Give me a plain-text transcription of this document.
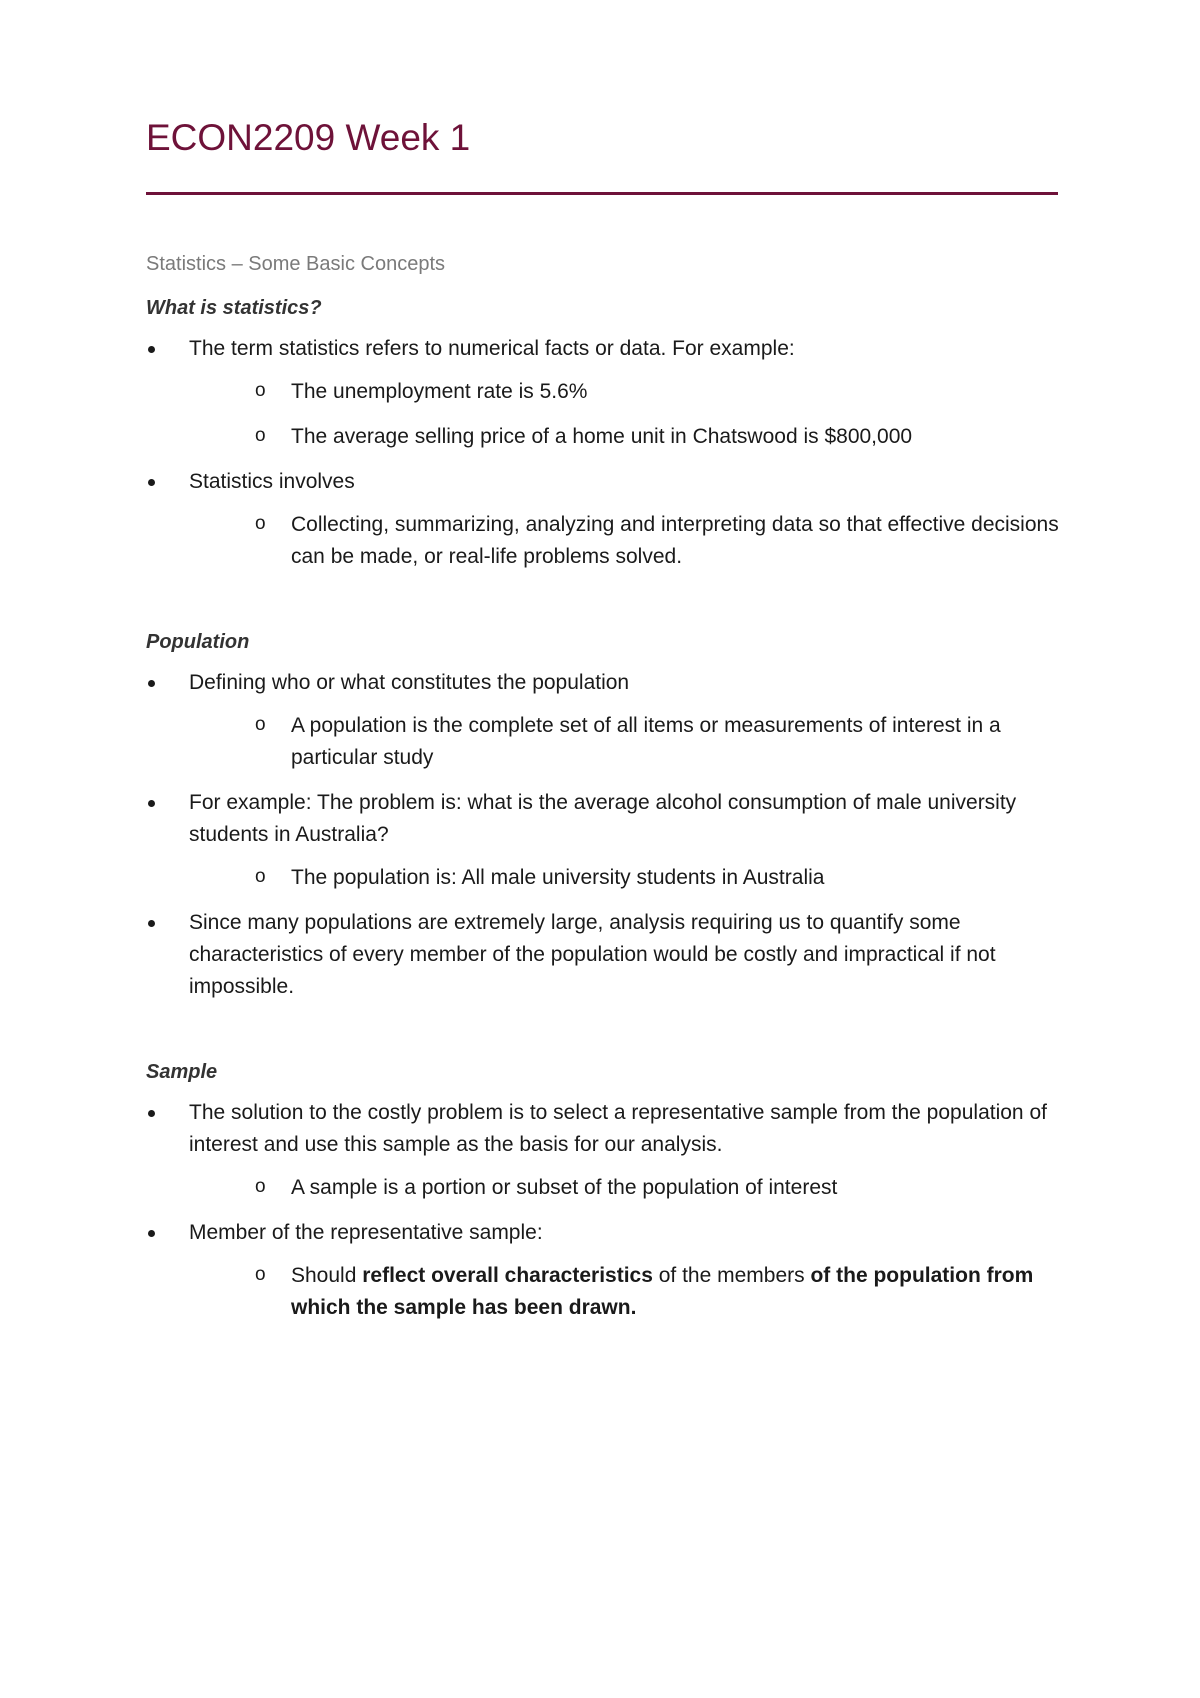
ECON2209 Week 1
Statistics – Some Basic Concepts
What is statistics?
The term statistics refers to numerical facts or data. For example:
o The unemployment rate is 5.6%
o The average selling price of a home unit in Chatswood is $800,000
Statistics involves
o Collecting, summarizing, analyzing and interpreting data so that effective decisions can be made, or real-life problems solved.
Population
Defining who or what constitutes the population
o A population is the complete set of all items or measurements of interest in a particular study
For example: The problem is: what is the average alcohol consumption of male university students in Australia?
o The population is: All male university students in Australia
Since many populations are extremely large, analysis requiring us to quantify some characteristics of every member of the population would be costly and impractical if not impossible.
Sample
The solution to the costly problem is to select a representative sample from the population of interest and use this sample as the basis for our analysis.
o A sample is a portion or subset of the population of interest
Member of the representative sample:
o Should reflect overall characteristics of the members of the population from which the sample has been drawn.
